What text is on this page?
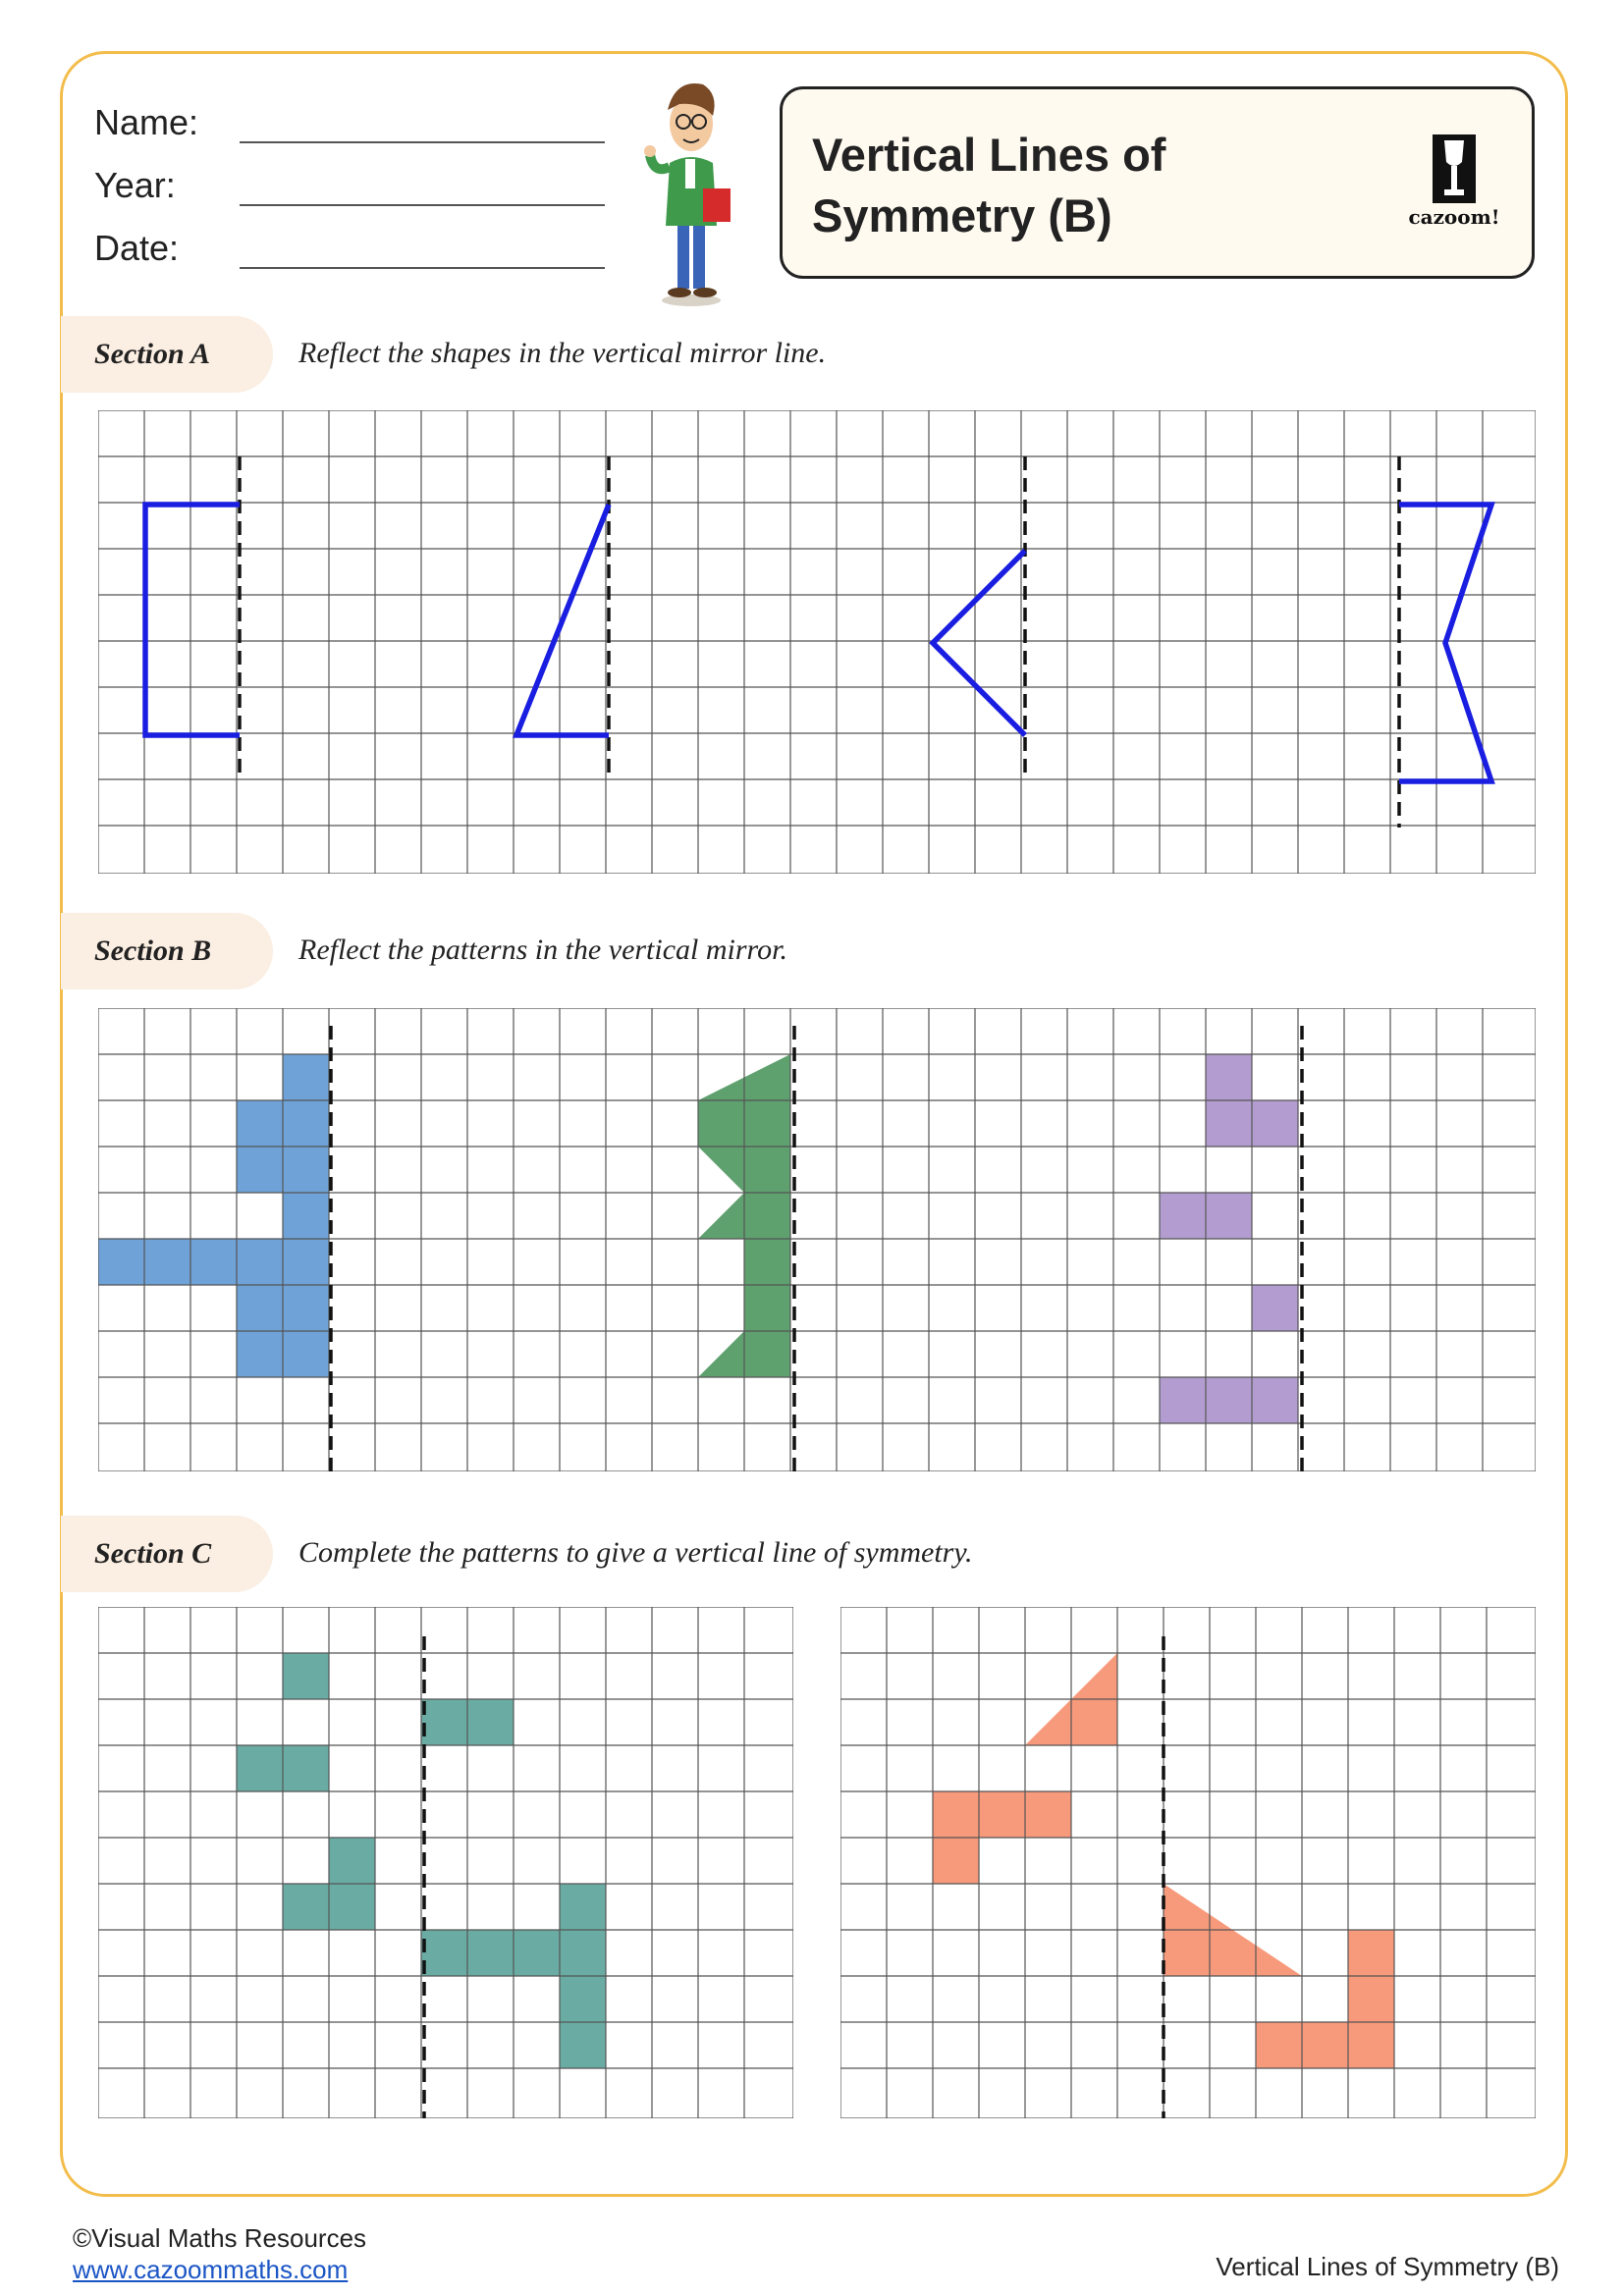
Name:
Year:
Date:
Vertical Lines of
Symmetry (B)	cazoom!
Section A	Reflect the shapes in the vertical mirror line.
Section B	Reflect the patterns in the vertical mirror.
Section C	Complete the patterns to give a vertical line of symmetry.
©Visual Maths Resources
www.cazoommaths.com	Vertical Lines of Symmetry (B)
